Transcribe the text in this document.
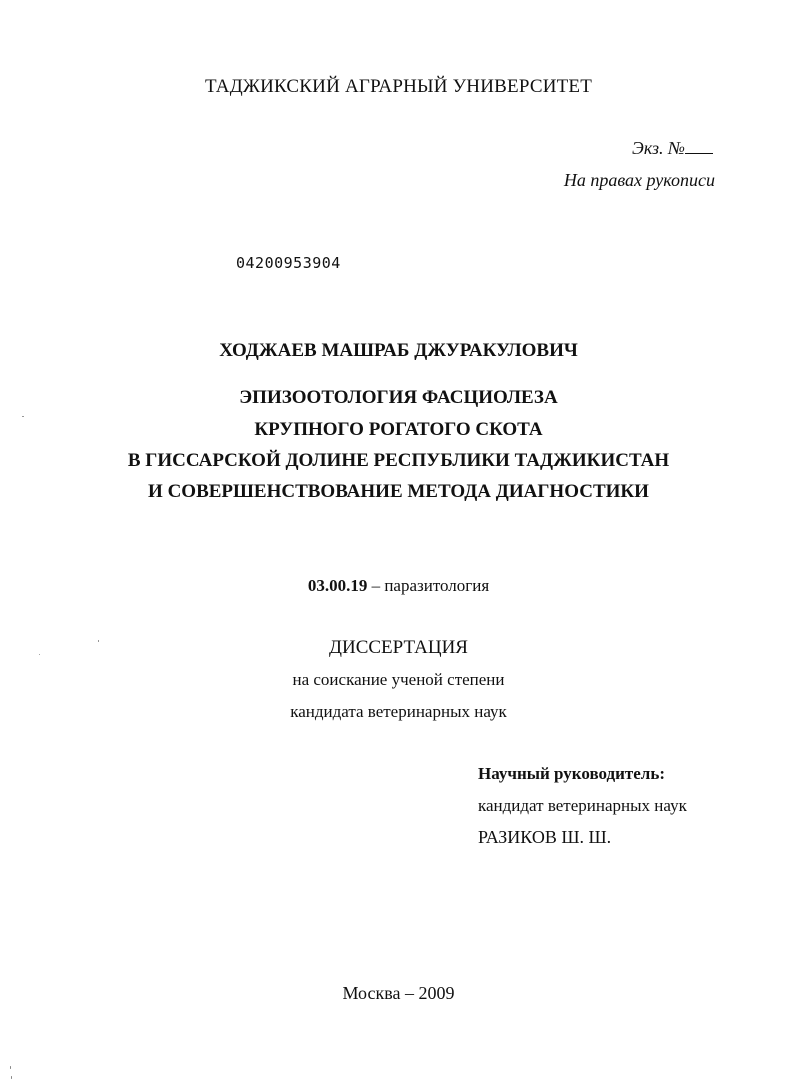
ТАДЖИКСКИЙ АГРАРНЫЙ УНИВЕРСИТЕТ
Экз. №
На правах рукописи
04200953904
ХОДЖАЕВ МАШРАБ ДЖУРАКУЛОВИЧ
ЭПИЗООТОЛОГИЯ ФАСЦИОЛЕЗА
КРУПНОГО РОГАТОГО СКОТА
В ГИССАРСКОЙ ДОЛИНЕ РЕСПУБЛИКИ ТАДЖИКИСТАН
И СОВЕРШЕНСТВОВАНИЕ МЕТОДА ДИАГНОСТИКИ
03.00.19 – паразитология
ДИССЕРТАЦИЯ
на соискание ученой степени
кандидата ветеринарных наук
Научный руководитель:
кандидат ветеринарных наук
РАЗИКОВ Ш. Ш.
Москва – 2009
